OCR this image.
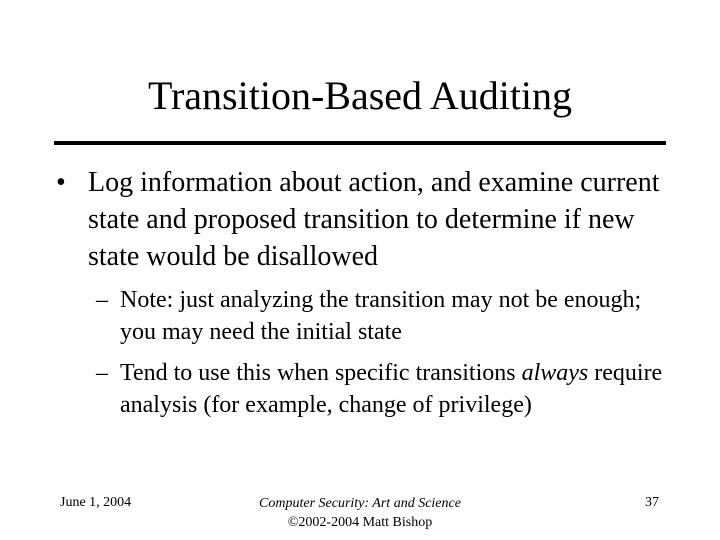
Transition-Based Auditing
• Log information about action, and examine current state and proposed transition to determine if new state would be disallowed
– Note: just analyzing the transition may not be enough; you may need the initial state
– Tend to use this when specific transitions always require analysis (for example, change of privilege)
June 1, 2004	Computer Security: Art and Science
©2002-2004 Matt Bishop
37
